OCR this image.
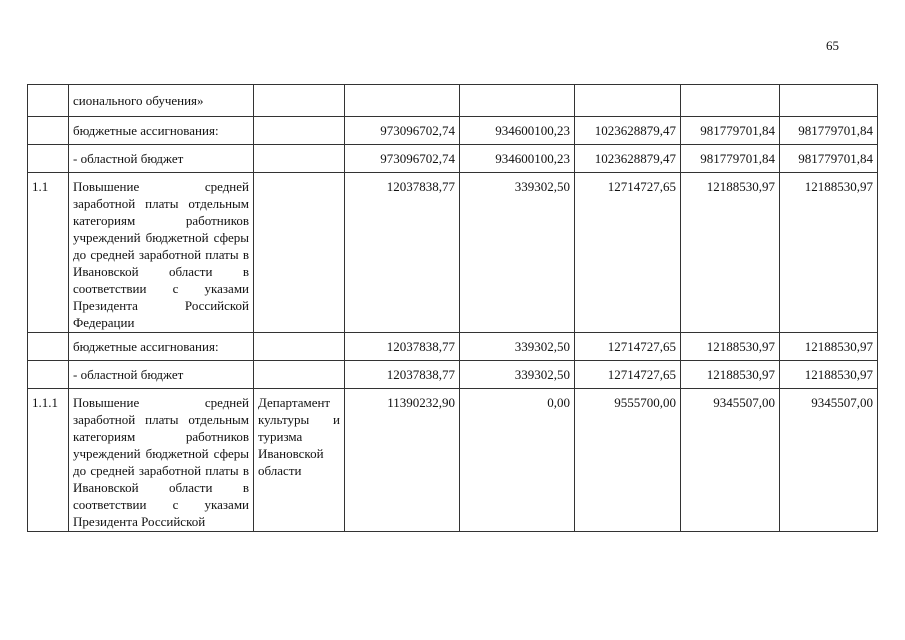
65
	сионального обучения»						
	бюджетные ассигнования:		973096702,74	934600100,23	1023628879,47	981779701,84	981779701,84
	- областной бюджет		973096702,74	934600100,23	1023628879,47	981779701,84	981779701,84
1.1	Повышение средней заработной платы отдельным категориям работников учреждений бюджетной сферы до средней заработной платы в Ивановской области в соответствии с указами Президента Российской Федерации		12037838,77	339302,50	12714727,65	12188530,97	12188530,97
	бюджетные ассигнования:		12037838,77	339302,50	12714727,65	12188530,97	12188530,97
	- областной бюджет		12037838,77	339302,50	12714727,65	12188530,97	12188530,97
1.1.1	Повышение средней заработной платы отдельным категориям работников учреждений бюджетной сферы до средней заработной платы в Ивановской области в соответствии с указами Президента Российской	Департамент культуры и туризма Ивановской области	11390232,90	0,00	9555700,00	9345507,00	9345507,00
